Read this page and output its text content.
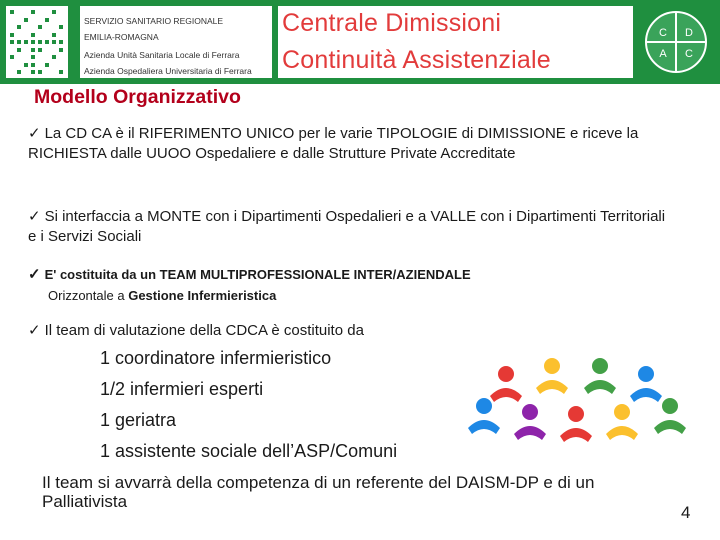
SERVIZIO SANITARIO REGIONALE
EMILIA-ROMAGNA
Azienda Unità Sanitaria Locale di Ferrara
Azienda Ospedaliera Universitaria di Ferrara
Centrale Dimissioni
Continuità Assistenziale
C D
A C
Modello Organizzativo
✓ La CD CA è il RIFERIMENTO UNICO per le varie TIPOLOGIE di DIMISSIONE e riceve la RICHIESTA dalle UUOO Ospedaliere e dalle Strutture Private Accreditate
✓ Si interfaccia a MONTE con i Dipartimenti Ospedalieri e a VALLE con i Dipartimenti Territoriali e i Servizi Sociali
✓ E' costituita da un TEAM MULTIPROFESSIONALE INTER/AZIENDALE
Orizzontale a Gestione Infermieristica
✓ Il team di valutazione della CDCA è costituito da
1 coordinatore infermieristico
1/2 infermieri esperti
1 geriatra
1 assistente sociale dell’ASP/Comuni
Il team si avvarrà della competenza di un referente del DAISM-DP e di un Palliativista
4
